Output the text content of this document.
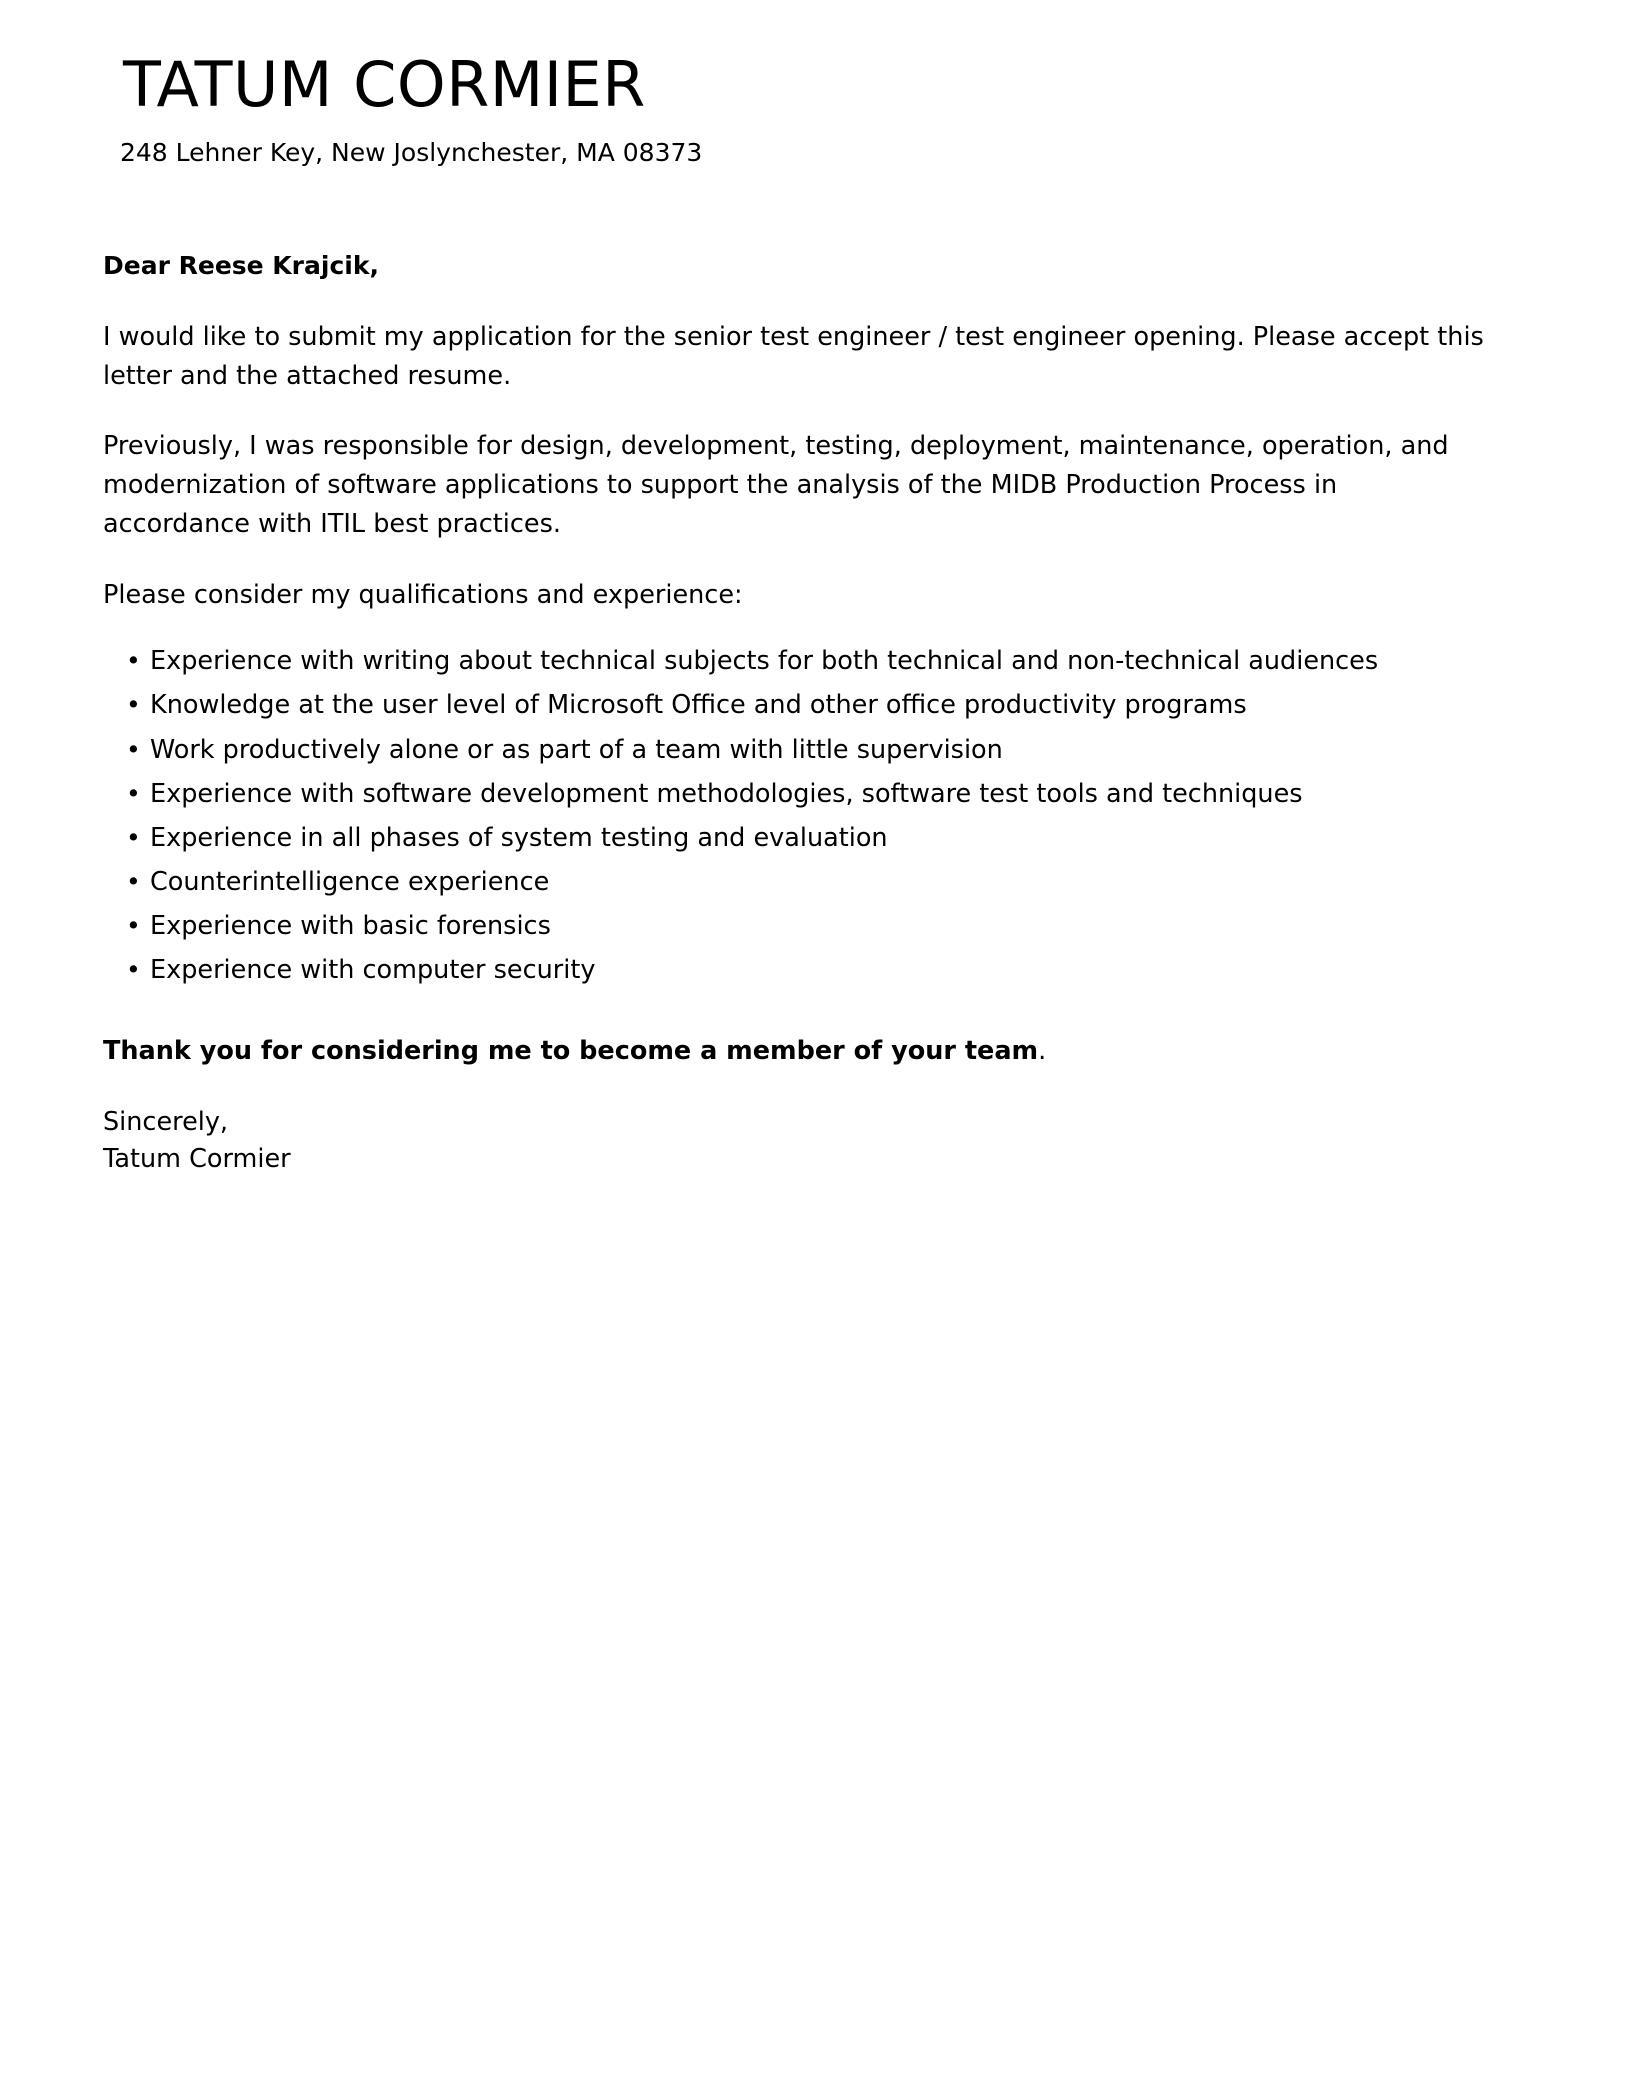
TATUM CORMIER
248 Lehner Key, New Joslynchester, MA 08373
Dear Reese Krajcik,

I would like to submit my application for the senior test engineer / test engineer opening. Please accept this letter and the attached resume.

Previously, I was responsible for design, development, testing, deployment, maintenance, operation, and modernization of software applications to support the analysis of the MIDB Production Process in accordance with ITIL best practices.

Please consider my qualifications and experience:

• Experience with writing about technical subjects for both technical and non-technical audiences
• Knowledge at the user level of Microsoft Office and other office productivity programs
• Work productively alone or as part of a team with little supervision
• Experience with software development methodologies, software test tools and techniques
• Experience in all phases of system testing and evaluation
• Counterintelligence experience
• Experience with basic forensics
• Experience with computer security
Thank you for considering me to become a member of your team.
Sincerely,
Tatum Cormier
